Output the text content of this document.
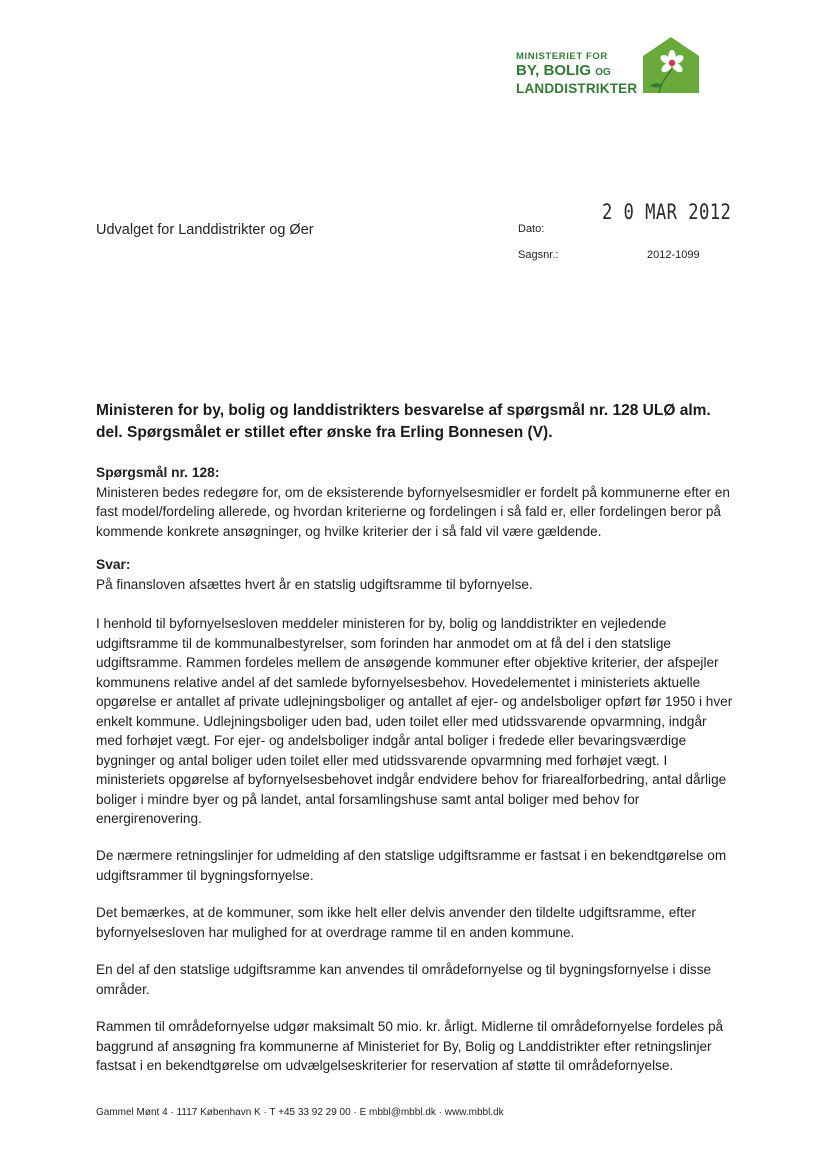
MINISTERIET FOR
BY, BOLIG OG
LANDDISTRIKTER
Udvalget for Landdistrikter og Øer	Dato:
2 0 MAR 2012
Sagsnr.:	2012-1099
Ministeren for by, bolig og landdistrikters besvarelse af spørgsmål nr. 128 ULØ alm. del. Spørgsmålet er stillet efter ønske fra Erling Bonnesen (V).
Spørgsmål nr. 128:
Ministeren bedes redegøre for, om de eksisterende byfornyelsesmidler er fordelt på kommunerne efter en fast model/fordeling allerede, og hvordan kriterierne og fordelingen i så fald er, eller fordelingen beror på kommende konkrete ansøgninger, og hvilke kriterier der i så fald vil være gældende.
Svar:
På finansloven afsættes hvert år en statslig udgiftsramme til byfornyelse.
I henhold til byfornyelsesloven meddeler ministeren for by, bolig og landdistrikter en vejledende udgiftsramme til de kommunalbestyrelser, som forinden har anmodet om at få del i den statslige udgiftsramme. Rammen fordeles mellem de ansøgende kommuner efter objektive kriterier, der afspejler kommunens relative andel af det samlede byfornyelsesbehov. Hovedelementet i ministeriets aktuelle opgørelse er antallet af private udlejningsboliger og antallet af ejer- og andelsboliger opført før 1950 i hver enkelt kommune. Udlejningsboliger uden bad, uden toilet eller med utidssvarende opvarmning, indgår med forhøjet vægt. For ejer- og andelsboliger indgår antal boliger i fredede eller bevaringsværdige bygninger og antal boliger uden toilet eller med utidssvarende opvarmning med forhøjet vægt. I ministeriets opgørelse af byfornyelsesbehovet indgår endvidere behov for friarealforbedring, antal dårlige boliger i mindre byer og på landet, antal forsamlingshuse samt antal boliger med behov for energirenovering.
De nærmere retningslinjer for udmelding af den statslige udgiftsramme er fastsat i en bekendtgørelse om udgiftsrammer til bygningsfornyelse.
Det bemærkes, at de kommuner, som ikke helt eller delvis anvender den tildelte udgiftsramme, efter byfornyelsesloven har mulighed for at overdrage ramme til en anden kommune.
En del af den statslige udgiftsramme kan anvendes til områdefornyelse og til bygningsfornyelse i disse områder.
Rammen til områdefornyelse udgør maksimalt 50 mio. kr. årligt. Midlerne til områdefornyelse fordeles på baggrund af ansøgning fra kommunerne af Ministeriet for By, Bolig og Landdistrikter efter retningslinjer fastsat i en bekendtgørelse om udvælgelseskriterier for reservation af støtte til områdefornyelse.
Gammel Mønt 4 · 1117 København K · T +45 33 92 29 00 · E mbbl@mbbl.dk · www.mbbl.dk
